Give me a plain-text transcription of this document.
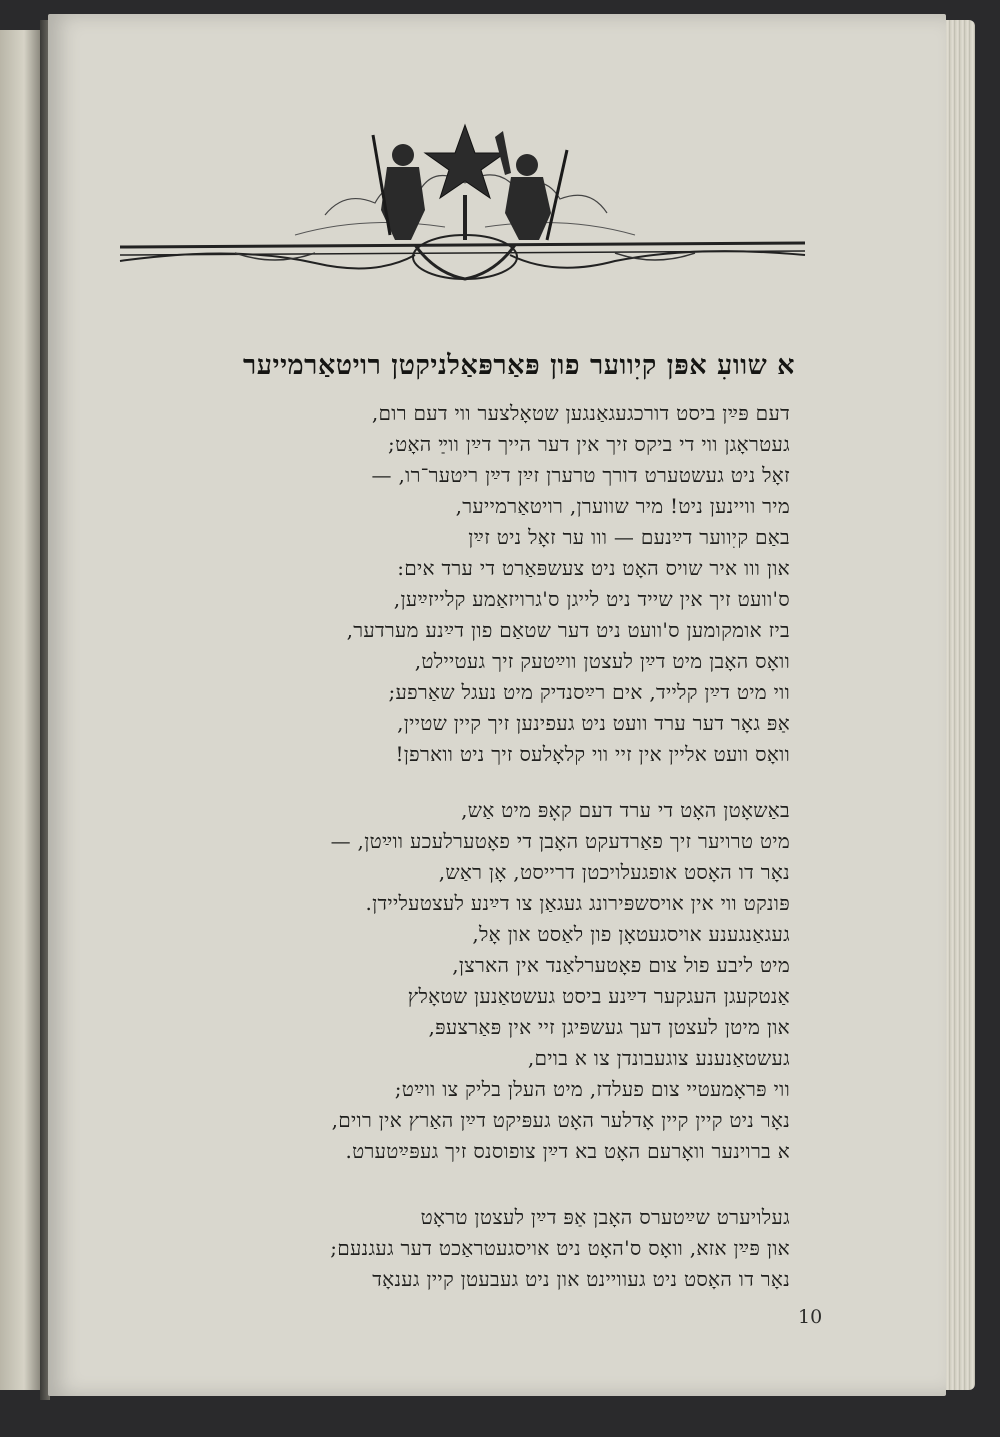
א שוועׅ אפּן קיׅווער פון פּאַרפּאַלניקטן רויטאַרמייער
דעם פּײַן ביסט דורכגעגאַנגען שטאָלצער ווי דעם רום,
געטראָגן ווי די ביקס זיך אין דער הייך דײַן ווײַ האָט;
זאָל ניט געשטערט דורך טרערן זײַן דײַן ריטער־רו, —
מיר וויינען ניט! מיר שווערן, רויטאַרמייער,
באַם קיׅווער דײַנעם — ווו ער זאָל ניט זײַן
און ווו איר שויס האָט ניט צעשפּאַרט די ערד אים:
ס'וועט זיך אין שייד ניט לייגן ס'גרויזאַמע קלייזײַען,
ביז אומקומען ס'וועט ניט דער שטאַם פון דײַנע מערדער,
וואָס האָבן מיט דײַן לעצטן ווײַטעק זיך געטיילט,
ווי מיט דײַן קלייד, אים רײַסנדיק מיט נעגל שאַרפע;
אַפּ גאָר דער ערד וועט ניט געפינען זיך קיין שטיין,
וואָס וועט אליין אין זיי ווי קלאָלעס זיך ניט ווארפן!
באַשאָטן האָט די ערד דעם קאָפּ מיט אַש,
מיט טרויער זיך פאַרדעקט האָבן די פאָטערלעכע ווײַטן, —
נאָר דו האָסט אופגעלויכטן דרייסט, אָן ראַש,
פּונקט ווי אין אויסשפּירונג געגאַן צו דײַנע לעצטעליידן.
געגאַנגענע אויסגעטאָן פון לאַסט און אָל,
מיט ליבע פול צום פאָטערלאַנד אין הארצן,
אַנטקעגן העגקער דײַנע ביסט געשטאַנען שטאָלץ
און מיטן לעצטן דעך געשפּיגן זיי אין פּאַרצעפּ,
געשטאַנענע צוגעבונדן צו א בוים,
ווי פּראָמעטיי צום פעלדז, מיט העלן בליק צו ווײַט;
נאָר ניט קיין קיין אָדלער האָט געפּיקט דײַן האַרץ אין רוים,
א ברוינער וואָרעם האָט בא דײַן צופוסנס זיך געפּײַטערט.
געלויערט שײַטערס האָבן אַפּ דײַן לעצטן טראָט
און פּײַן אזא, וואָס ס'האָט ניט אויסגעטראַכט דער געגנעם;
נאָר דו האָסט ניט געוויינט און ניט געבעטן קיין גענאָד
10
